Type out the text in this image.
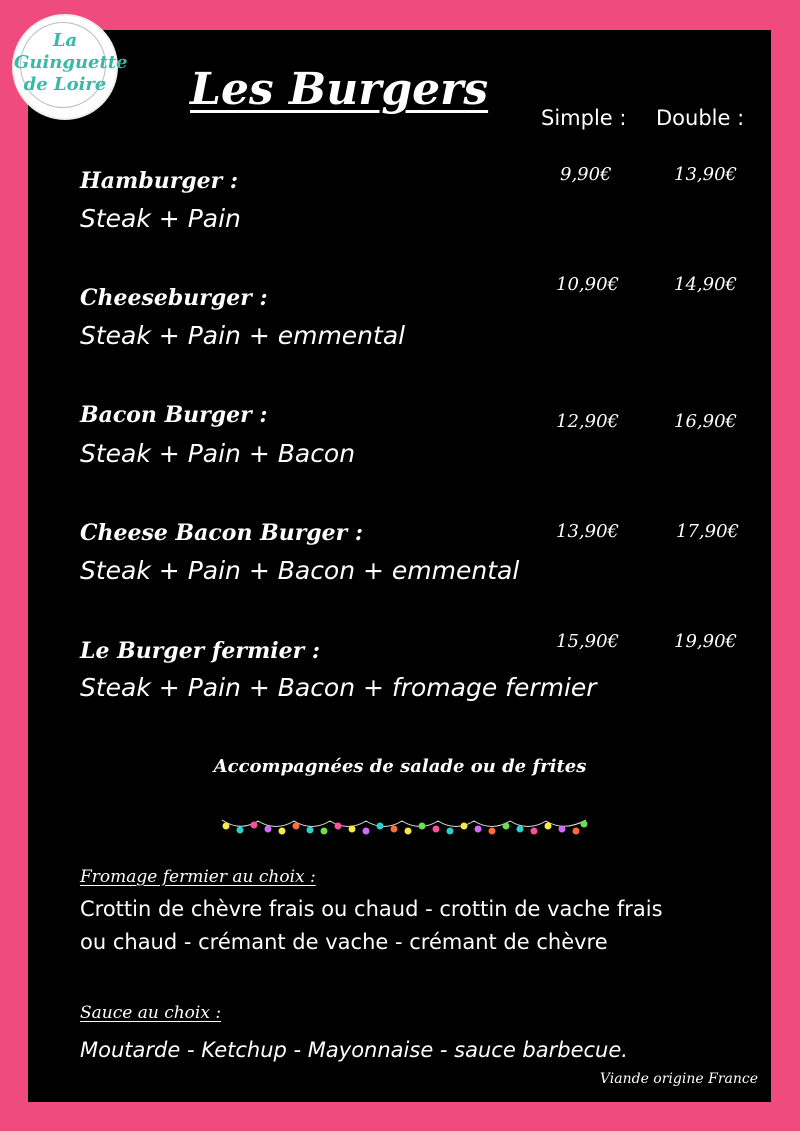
La
Guinguette
de Loire Les Burgers
Simple : Double :
Hamburger :
Steak + Pain
9,90€	13,90€
Cheeseburger :
Steak + Pain + emmental
10,90€	14,90€
Bacon Burger :
Steak + Pain + Bacon
12,90€	16,90€
Cheese Bacon Burger :
Steak + Pain + Bacon + emmental
13,90€	17,90€
Le Burger fermier :
Steak + Pain + Bacon + fromage fermier
15,90€	19,90€
Accompagnées de salade ou de frites
Fromage fermier au choix :
Crottin de chèvre frais ou chaud - crottin de vache frais
ou chaud - crémant de vache - crémant de chèvre
Sauce au choix :
Moutarde - Ketchup - Mayonnaise - sauce barbecue.
Viande origine France
